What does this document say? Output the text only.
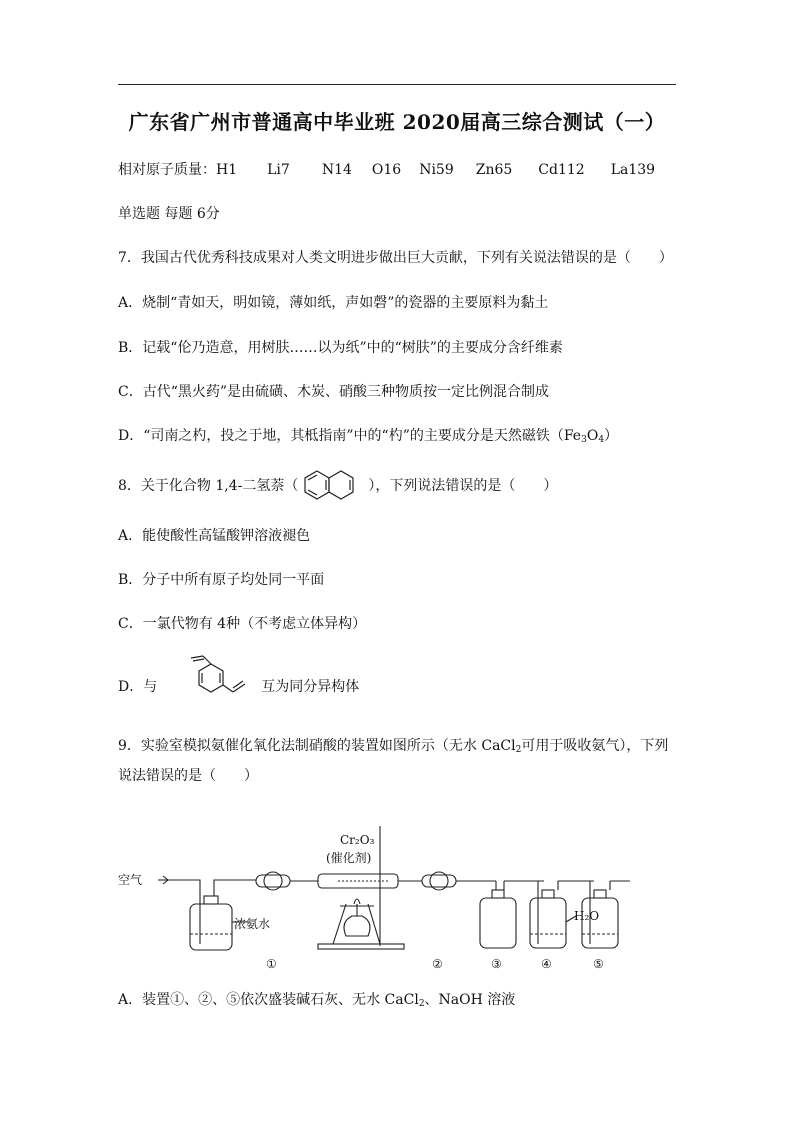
广东省广州市普通高中毕业班 2020届高三综合测试（一）
相对原子质量：H1 Li7 N14 O16 Ni59 Zn65 Cd112 La139
单选题 每题 6分
7．我国古代优秀科技成果对人类文明进步做出巨大贡献，下列有关说法错误的是（　　）
A．烧制“青如天，明如镜，薄如纸，声如磬”的瓷器的主要原料为黏土
B．记载“伦乃造意，用树肤……以为纸”中的“树肤”的主要成分含纤维素
C．古代“黑火药”是由硫磺、木炭、硝酸三种物质按一定比例混合制成
D．“司南之杓，投之于地，其柢指南”中的“杓”的主要成分是天然磁铁$(Fe_3O_4)$
8．关于化合物 1,4-二氢萘（	），下列说法错误的是（　　）
A．能使酸性高锰酸钾溶液褪色
B．分子中所有原子均处同一平面
C．一氯代物有 4种（不考虑立体异构）
D．与	互为同分异构体
9．实验室模拟氨催化氧化法制硝酸的装置如图所示（无水 CaCl$_2$可用于吸收氨气），下列
说法错误的是（　　）
Cr₂O₃
(催化剂)
空气
浓氨水
H₂O
①	②	③	④	⑤
A．装置①、②、⑤依次盛装碱石灰、无水 CaCl$_2$、NaOH 溶液
